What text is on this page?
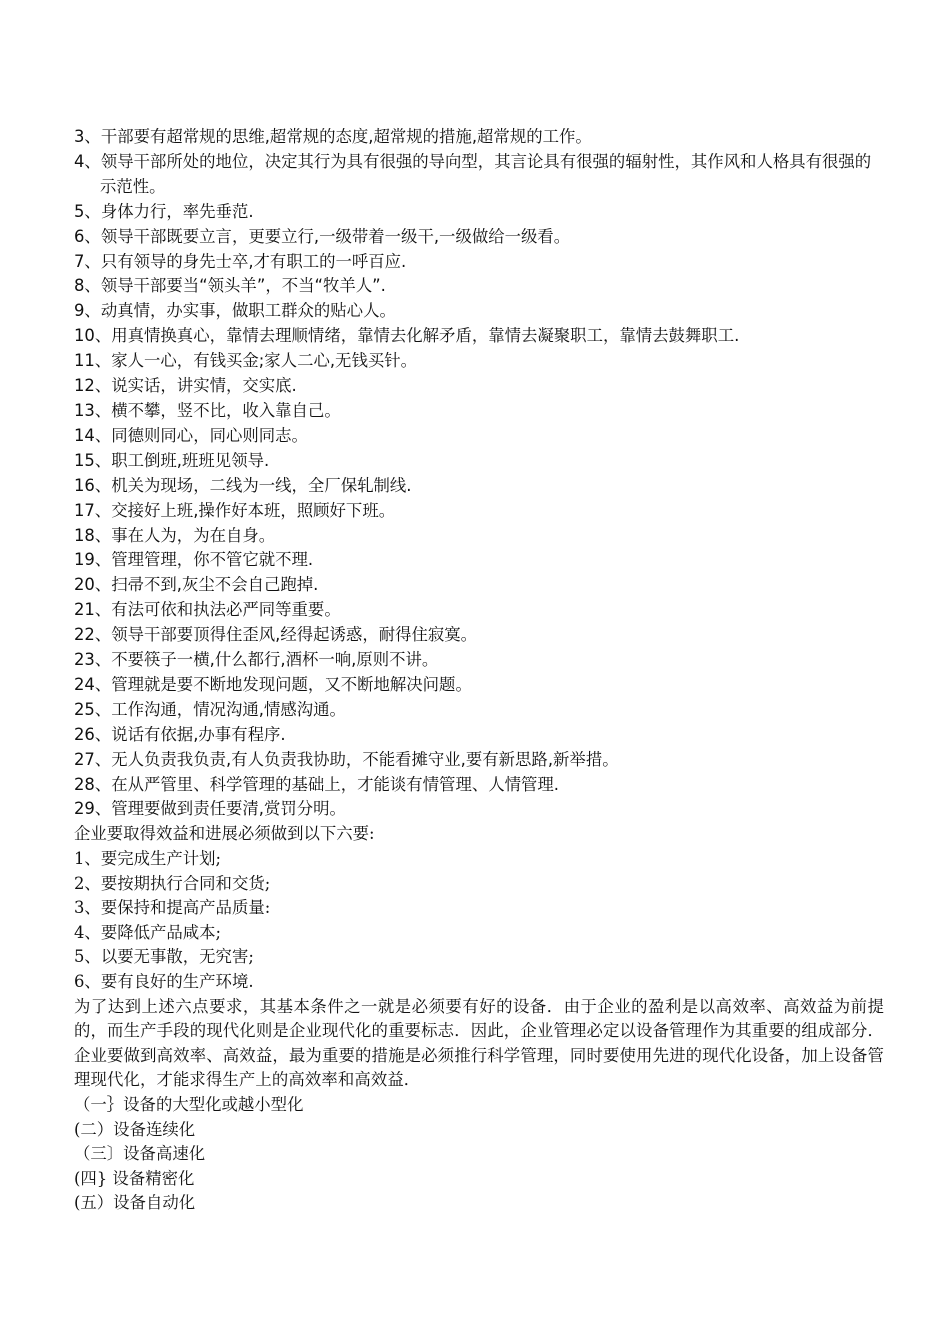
3、干部要有超常规的思维,超常规的态度,超常规的措施,超常规的工作。
4、领导干部所处的地位，决定其行为具有很强的导向型，其言论具有很强的辐射性，其作风和人格具有很强的示范性。
5、身体力行，率先垂范.
6、领导干部既要立言，更要立行,一级带着一级干,一级做给一级看。
7、只有领导的身先士卒,才有职工的一呼百应.
8、领导干部要当“领头羊”，不当“牧羊人”.
9、动真情，办实事，做职工群众的贴心人。
10、用真情换真心，靠情去理顺情绪，靠情去化解矛盾，靠情去凝聚职工，靠情去鼓舞职工.
11、家人一心，有钱买金;家人二心,无钱买针。
12、说实话，讲实情，交实底.
13、横不攀，竖不比，收入靠自己。
14、同德则同心，同心则同志。
15、职工倒班,班班见领导.
16、机关为现场，二线为一线，全厂保轧制线.
17、交接好上班,操作好本班，照顾好下班。
18、事在人为，为在自身。
19、管理管理，你不管它就不理.
20、扫帚不到,灰尘不会自己跑掉.
21、有法可依和执法必严同等重要。
22、领导干部要顶得住歪风,经得起诱惑，耐得住寂寞。
23、不要筷子一横,什么都行,酒杯一响,原则不讲。
24、管理就是要不断地发现问题，又不断地解决问题。
25、工作沟通，情况沟通,情感沟通。
26、说话有依据,办事有程序.
27、无人负责我负责,有人负责我协助，不能看摊守业,要有新思路,新举措。
28、在从严管里、科学管理的基础上，才能谈有情管理、人情管理.
29、管理要做到责任要清,赏罚分明。
企业要取得效益和进展必须做到以下六要:
1、要完成生产计划;
2、要按期执行合同和交货;
3、要保持和提高产品质量:
4、要降低产品咸本;
5、以要无事散，无究害;
6、要有良好的生产环境.
为了达到上述六点要求，其基本条件之一就是必须要有好的设备．由于企业的盈利是以高效率、高效益为前提的，而生产手段的现代化则是企业现代化的重要标志．因此，企业管理必定以设备管理作为其重要的组成部分．企业要做到高效率、高效益，最为重要的措施是必须推行科学管理，同时要使用先进的现代化设备，加上设备管理现代化，才能求得生产上的高效率和高效益．
（一｝设备的大型化或越小型化
(二）设备连续化
（三〕设备高速化
(四} 设备精密化
(五）设备自动化
